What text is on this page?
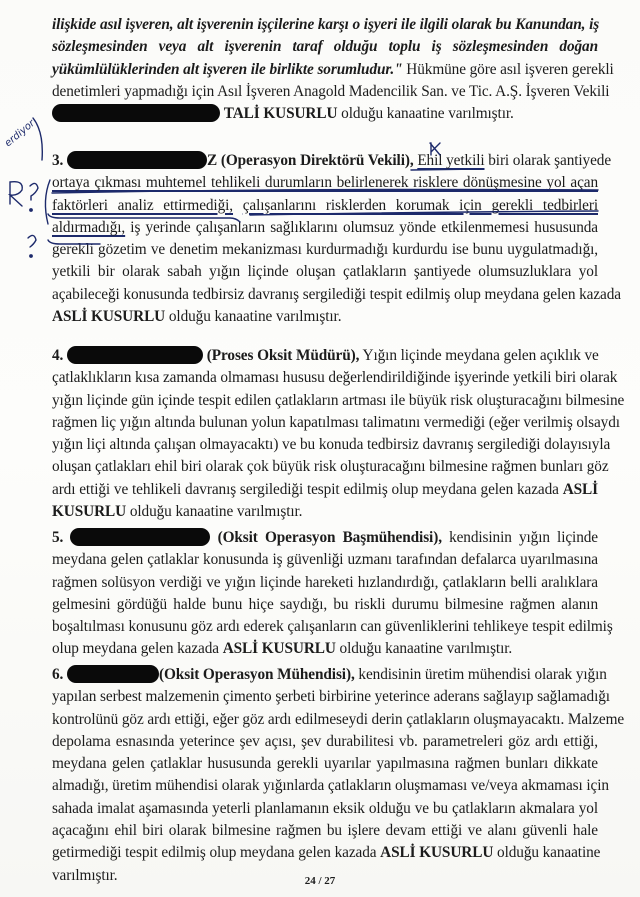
ilişkide asıl işveren, alt işverenin işçilerine karşı o işyeri ile ilgili olarak bu Kanundan, iş
sözleşmesinden veya alt işverenin taraf olduğu toplu iş sözleşmesinden doğan
yükümlülüklerinden alt işveren ile birlikte sorumludur." Hükmüne göre asıl işveren gerekli
denetimleri yapmadığı için Asıl İşveren Anagold Madencilik San. ve Tic. A.Ş. İşveren Vekili
TALİ KUSURLU olduğu kanaatine varılmıştır.
3.	Z (Operasyon Direktörü Vekili), Ehil yetkili biri olarak şantiyede
ortaya çıkması muhtemel tehlikeli durumların belirlenerek risklere dönüşmesine yol açan
faktörleri analiz ettirmediği, çalışanlarını risklerden korumak için gerekli tedbirleri
aldırmadığı, iş yerinde çalışanların sağlıklarını olumsuz yönde etkilenmemesi hususunda
gerekli gözetim ve denetim mekanizması kurdurmadığı kurdurdu ise bunu uygulatmadığı,
yetkili bir olarak sabah yığın liçinde oluşan çatlakların şantiyede olumsuzluklara yol
açabileceği konusunda tedbirsiz davranış sergilediği tespit edilmiş olup meydana gelen kazada
ASLİ KUSURLU olduğu kanaatine varılmıştır.
4.	(Proses Oksit Müdürü), Yığın liçinde meydana gelen açıklık ve
çatlaklıkların kısa zamanda olmaması hususu değerlendirildiğinde işyerinde yetkili biri olarak
yığın liçinde gün içinde tespit edilen çatlakların artması ile büyük risk oluşturacağını bilmesine
rağmen liç yığın altında bulunan yolun kapatılması talimatını vermediği (eğer verilmiş olsaydı
yığın liçi altında çalışan olmayacaktı) ve bu konuda tedbirsiz davranış sergilediği dolayısıyla
oluşan çatlakları ehil biri olarak çok büyük risk oluşturacağını bilmesine rağmen bunları göz
ardı ettiği ve tehlikeli davranış sergilediği tespit edilmiş olup meydana gelen kazada ASLİ
KUSURLU olduğu kanaatine varılmıştır.
5.	(Oksit Operasyon Başmühendisi), kendisinin yığın liçinde
meydana gelen çatlaklar konusunda iş güvenliği uzmanı tarafından defalarca uyarılmasına
rağmen solüsyon verdiği ve yığın liçinde hareketi hızlandırdığı, çatlakların belli aralıklara
gelmesini gördüğü halde bunu hiçe saydığı, bu riskli durumu bilmesine rağmen alanın
boşaltılması konusunu göz ardı ederek çalışanların can güvenliklerini tehlikeye tespit edilmiş
olup meydana gelen kazada ASLİ KUSURLU olduğu kanaatine varılmıştır.
6.	(Oksit Operasyon Mühendisi), kendisinin üretim mühendisi olarak yığın
yapılan serbest malzemenin çimento şerbeti birbirine yeterince aderans sağlayıp sağlamadığı
kontrolünü göz ardı ettiği, eğer göz ardı edilmeseydi derin çatlakların oluşmayacaktı. Malzeme
depolama esnasında yeterince şev açısı, şev durabilitesi vb. parametreleri göz ardı ettiği,
meydana gelen çatlaklar hususunda gerekli uyarılar yapılmasına rağmen bunları dikkate
almadığı, üretim mühendisi olarak yığınlarda çatlakların oluşmaması ve/veya akmaması için
sahada imalat aşamasında yeterli planlamanın eksik olduğu ve bu çatlakların akmalara yol
açacağını ehil biri olarak bilmesine rağmen bu işlere devam ettiği ve alanı güvenli hale
getirmediği tespit edilmiş olup meydana gelen kazada ASLİ KUSURLU olduğu kanaatine
varılmıştır.	24 / 27
erdiyor
